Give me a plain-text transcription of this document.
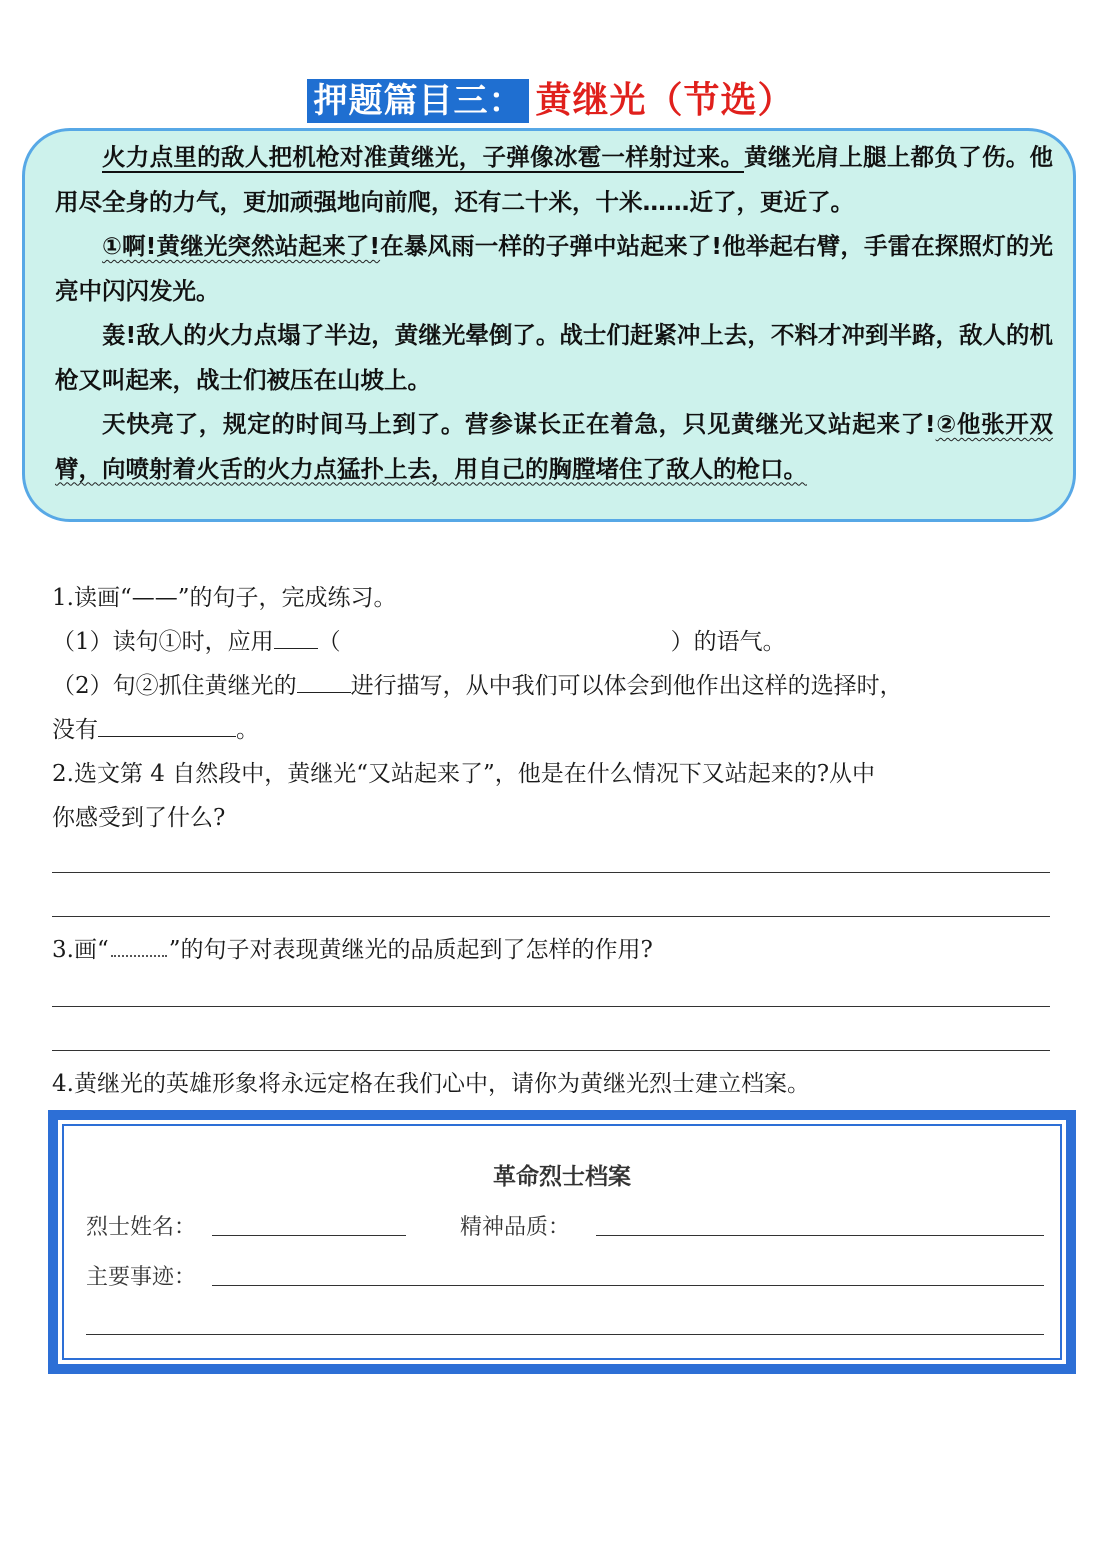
押题篇目三： 黄继光（节选）

火力点里的敌人把机枪对准黄继光，子弹像冰雹一样射过来。黄继光肩上腿上都负了伤。他用尽全身的力气，更加顽强地向前爬，还有二十米，十米……近了，更近了。

①啊!黄继光突然站起来了!在暴风雨一样的子弹中站起来了!他举起右臂，手雷在探照灯的光亮中闪闪发光。

轰!敌人的火力点塌了半边，黄继光晕倒了。战士们赶紧冲上去，不料才冲到半路，敌人的机枪又叫起来，战士们被压在山坡上。

天快亮了，规定的时间马上到了。营参谋长正在着急，只见黄继光又站起来了!②他张开双臂，向喷射着火舌的火力点猛扑上去，用自己的胸膛堵住了敌人的枪口。

1.读画“——”的句子，完成练习。
（1）读句①时，应用 （	）的语气。
（2）句②抓住黄继光的 进行描写，从中我们可以体会到他作出这样的选择时，
没有	。
2.选文第 4 自然段中，黄继光“又站起来了”，他是在什么情况下又站起来的?从中
你感受到了什么?
3.画“	”的句子对表现黄继光的品质起到了怎样的作用?
4.黄继光的英雄形象将永远定格在我们心中，请你为黄继光烈士建立档案。
革命烈士档案
烈士姓名：	精神品质：
主要事迹：
